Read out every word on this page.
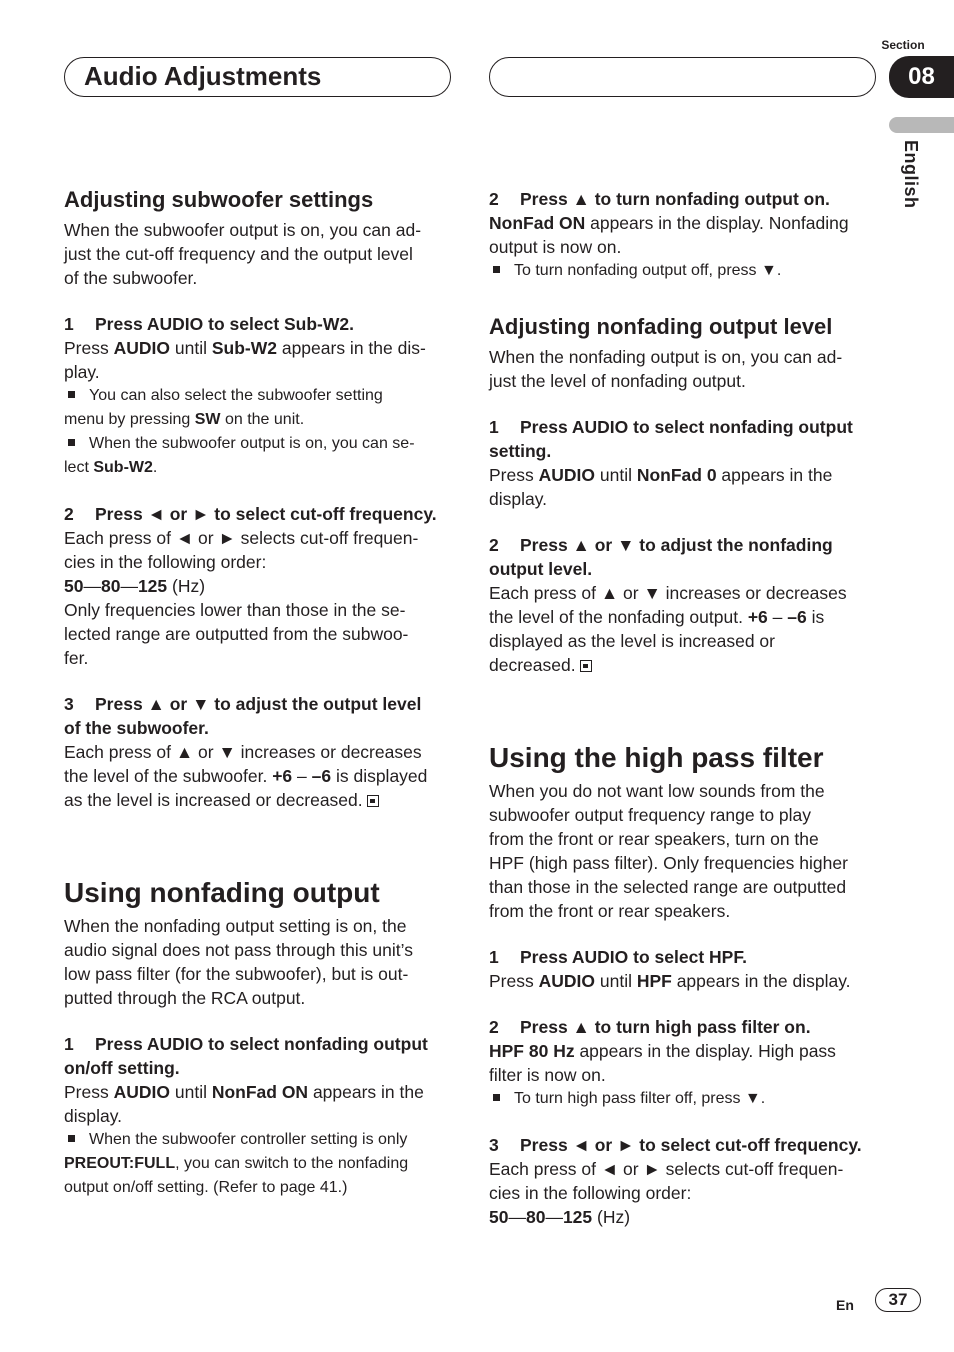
Audio Adjustments
Section
08
English
Adjusting subwoofer settings

When the subwoofer output is on, you can ad-

just the cut-off frequency and the output level

of the subwoofer.

1 Press AUDIO to select Sub-W2.

Press AUDIO until Sub-W2 appears in the dis-

play.

You can also select the subwoofer setting

menu by pressing SW on the unit.

When the subwoofer output is on, you can se-

lect Sub-W2.

2 Press ◄ or ► to select cut-off frequency.

Each press of ◄ or ► selects cut-off frequen-

cies in the following order:

50—80—125 (Hz)

Only frequencies lower than those in the se-

lected range are outputted from the subwoo-

fer.

3 Press ▲ or ▼ to adjust the output level

of the subwoofer.

Each press of ▲ or ▼ increases or decreases

the level of the subwoofer. +6 – –6 is displayed

as the level is increased or decreased.

Using nonfading output

When the nonfading output setting is on, the

audio signal does not pass through this unit’s

low pass filter (for the subwoofer), but is out-

putted through the RCA output.

1 Press AUDIO to select nonfading output

on/off setting.

Press AUDIO until NonFad ON appears in the

display.

When the subwoofer controller setting is only

PREOUT:FULL, you can switch to the nonfading

output on/off setting. (Refer to page 41.)

2 Press ▲ to turn nonfading output on.

NonFad ON appears in the display. Nonfading

output is now on.

To turn nonfading output off, press ▼.

Adjusting nonfading output level

When the nonfading output is on, you can ad-

just the level of nonfading output.

1 Press AUDIO to select nonfading output

setting.

Press AUDIO until NonFad 0 appears in the

display.

2 Press ▲ or ▼ to adjust the nonfading

output level.

Each press of ▲ or ▼ increases or decreases

the level of the nonfading output. +6 – –6 is

displayed as the level is increased or

decreased.

Using the high pass filter

When you do not want low sounds from the

subwoofer output frequency range to play

from the front or rear speakers, turn on the

HPF (high pass filter). Only frequencies higher

than those in the selected range are outputted

from the front or rear speakers.

1 Press AUDIO to select HPF.

Press AUDIO until HPF appears in the display.

2 Press ▲ to turn high pass filter on.

HPF 80 Hz appears in the display. High pass

filter is now on.

To turn high pass filter off, press ▼.

3 Press ◄ or ► to select cut-off frequency.

Each press of ◄ or ► selects cut-off frequen-

cies in the following order:

50—80—125 (Hz)

En	37
